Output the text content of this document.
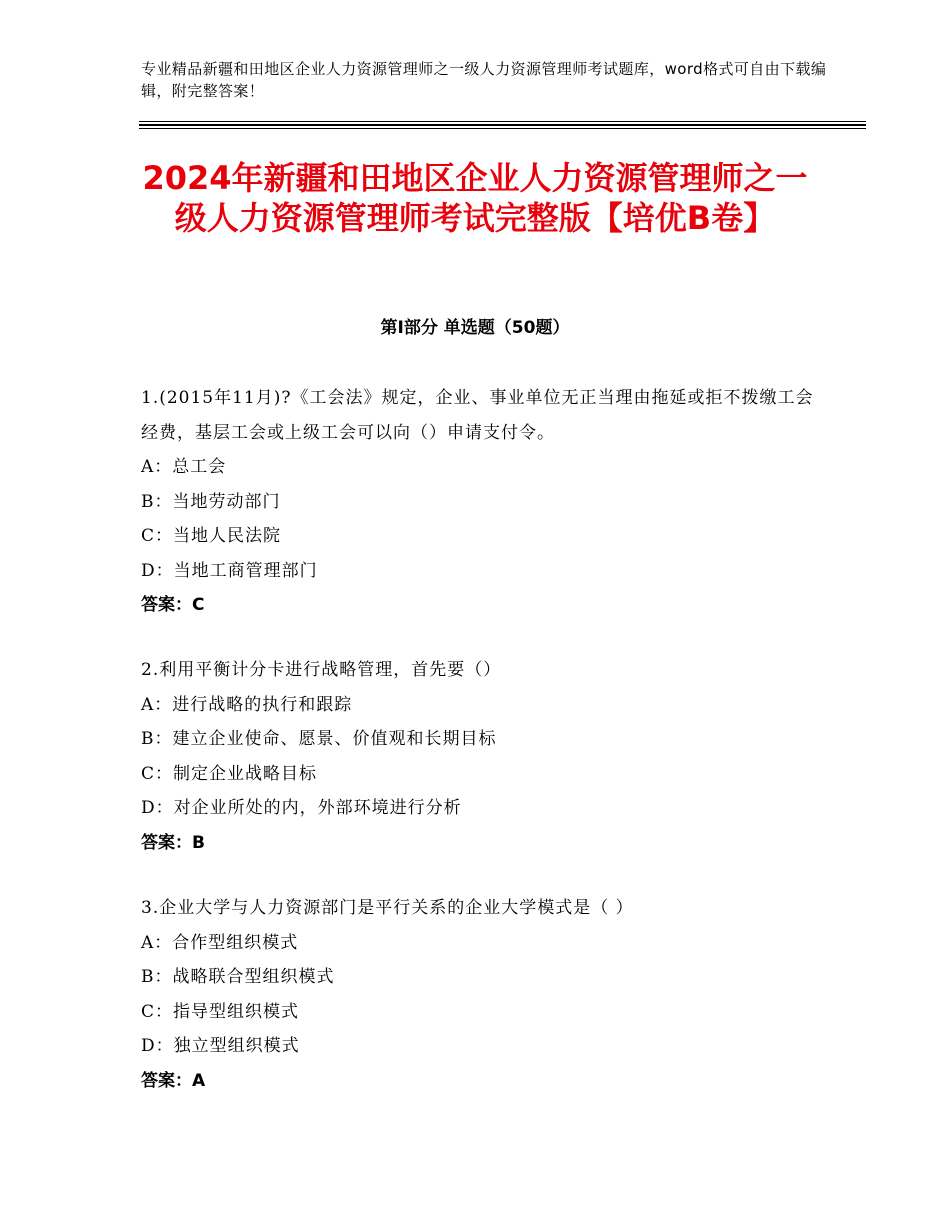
专业精品新疆和田地区企业人力资源管理师之一级人力资源管理师考试题库，word格式可自由下载编辑，附完整答案！
2024年新疆和田地区企业人力资源管理师之一级人力资源管理师考试完整版【培优B卷】
第Ⅰ部分 单选题（50题）
1.(2015年11月)?《工会法》规定，企业、事业单位无正当理由拖延或拒不拨缴工会经费，基层工会或上级工会可以向（）申请支付令。
A：总工会
B：当地劳动部门
C：当地人民法院
D：当地工商管理部门
答案：C
2.利用平衡计分卡进行战略管理，首先要（）
A：进行战略的执行和跟踪
B：建立企业使命、愿景、价值观和长期目标
C：制定企业战略目标
D：对企业所处的内，外部环境进行分析
答案：B
3.企业大学与人力资源部门是平行关系的企业大学模式是（ ）
A：合作型组织模式
B：战略联合型组织模式
C：指导型组织模式
D：独立型组织模式
答案：A
